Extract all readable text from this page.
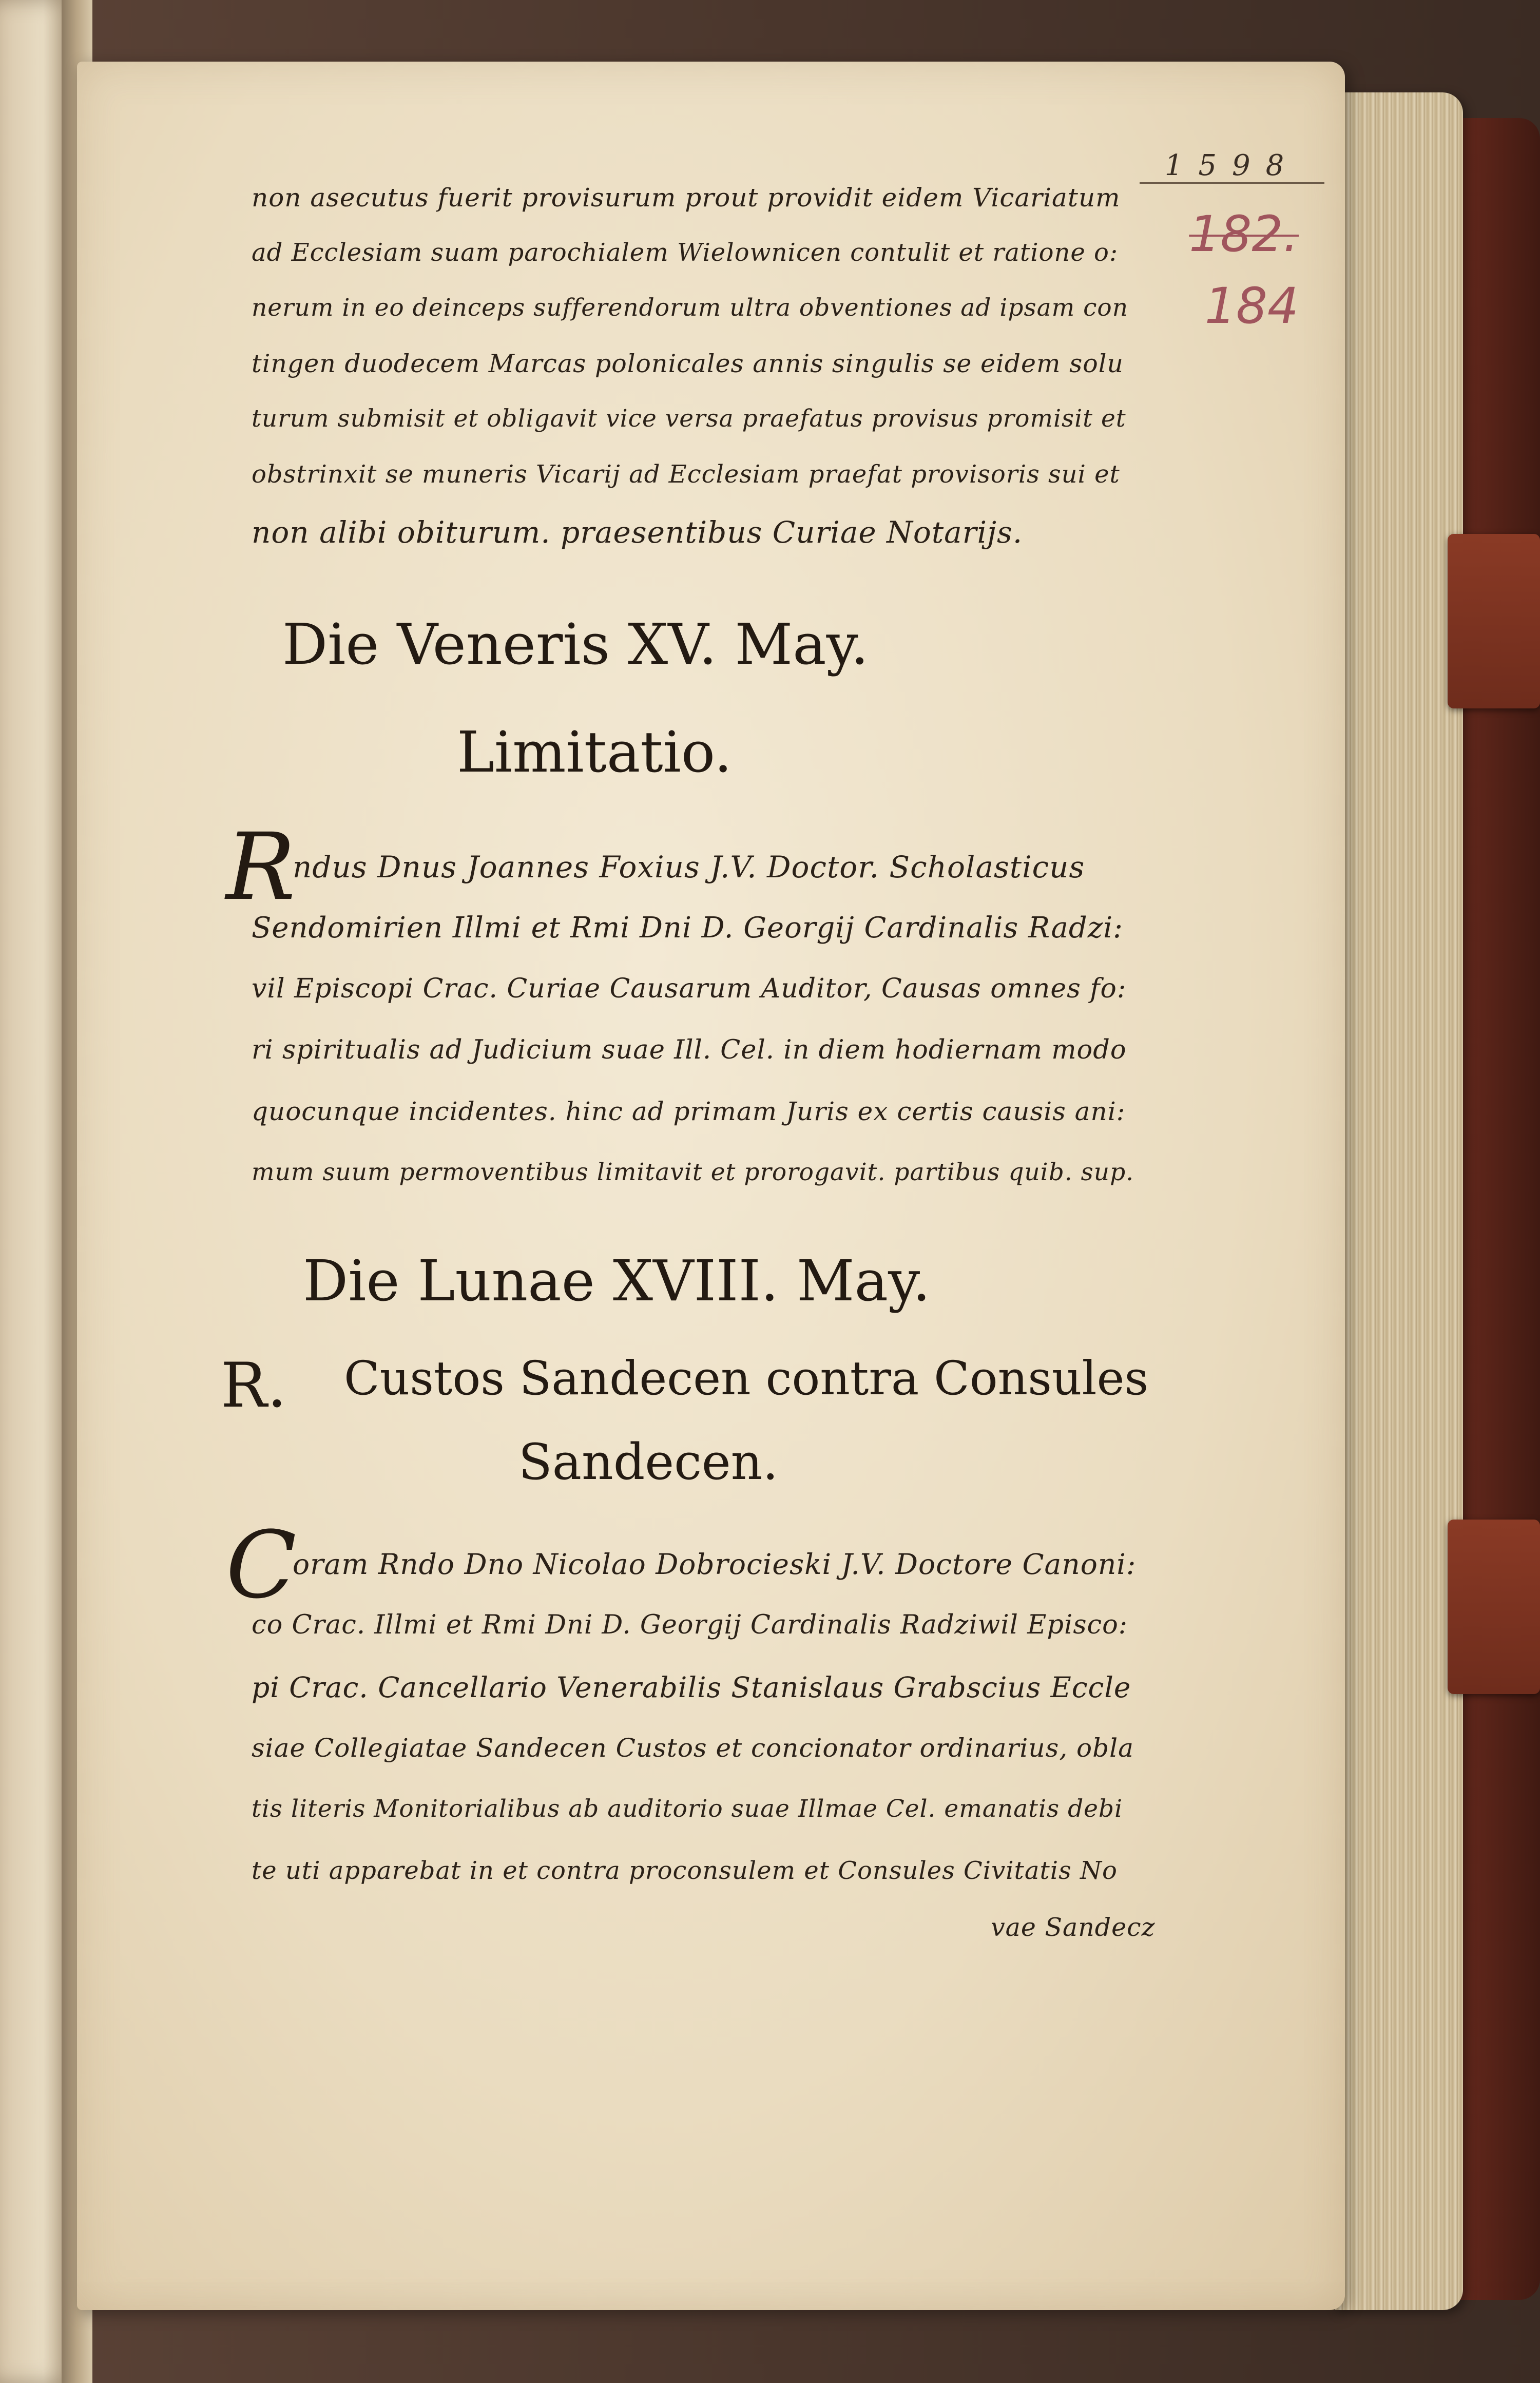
1598
182.
184
non asecutus fuerit provisurum prout providit eidem Vicariatum
ad Ecclesiam suam parochialem Wielownicen contulit et ratione o:
nerum in eo deinceps sufferendorum ultra obventiones ad ipsam con
tingen duodecem Marcas polonicales annis singulis se eidem solu
turum submisit et obligavit vice versa praefatus provisus promisit et
obstrinxit se muneris Vicarij ad Ecclesiam praefat provisoris sui et
non alibi obiturum. praesentibus Curiae Notarijs.
Die Veneris XV. May.
Limitatio.
R
ndus Dnus Joannes Foxius J.V. Doctor. Scholasticus
Sendomirien Illmi et Rmi Dni D. Georgij Cardinalis Radzi:
vil Episcopi Crac. Curiae Causarum Auditor, Causas omnes fo:
ri spiritualis ad Judicium suae Ill. Cel. in diem hodiernam modo
quocunque incidentes. hinc ad primam Juris ex certis causis ani:
mum suum permoventibus limitavit et prorogavit. partibus quib. sup.
Die Lunae XVIII. May.
R. Custos Sandecen contra Consules
Sandecen.
C
oram Rndo Dno Nicolao Dobrocieski J.V. Doctore Canoni:
co Crac. Illmi et Rmi Dni D. Georgij Cardinalis Radziwil Episco:
pi Crac. Cancellario Venerabilis Stanislaus Grabscius Eccle
siae Collegiatae Sandecen Custos et concionator ordinarius, obla
tis literis Monitorialibus ab auditorio suae Illmae Cel. emanatis debi
te uti apparebat in et contra proconsulem et Consules Civitatis No
vae Sandecz
